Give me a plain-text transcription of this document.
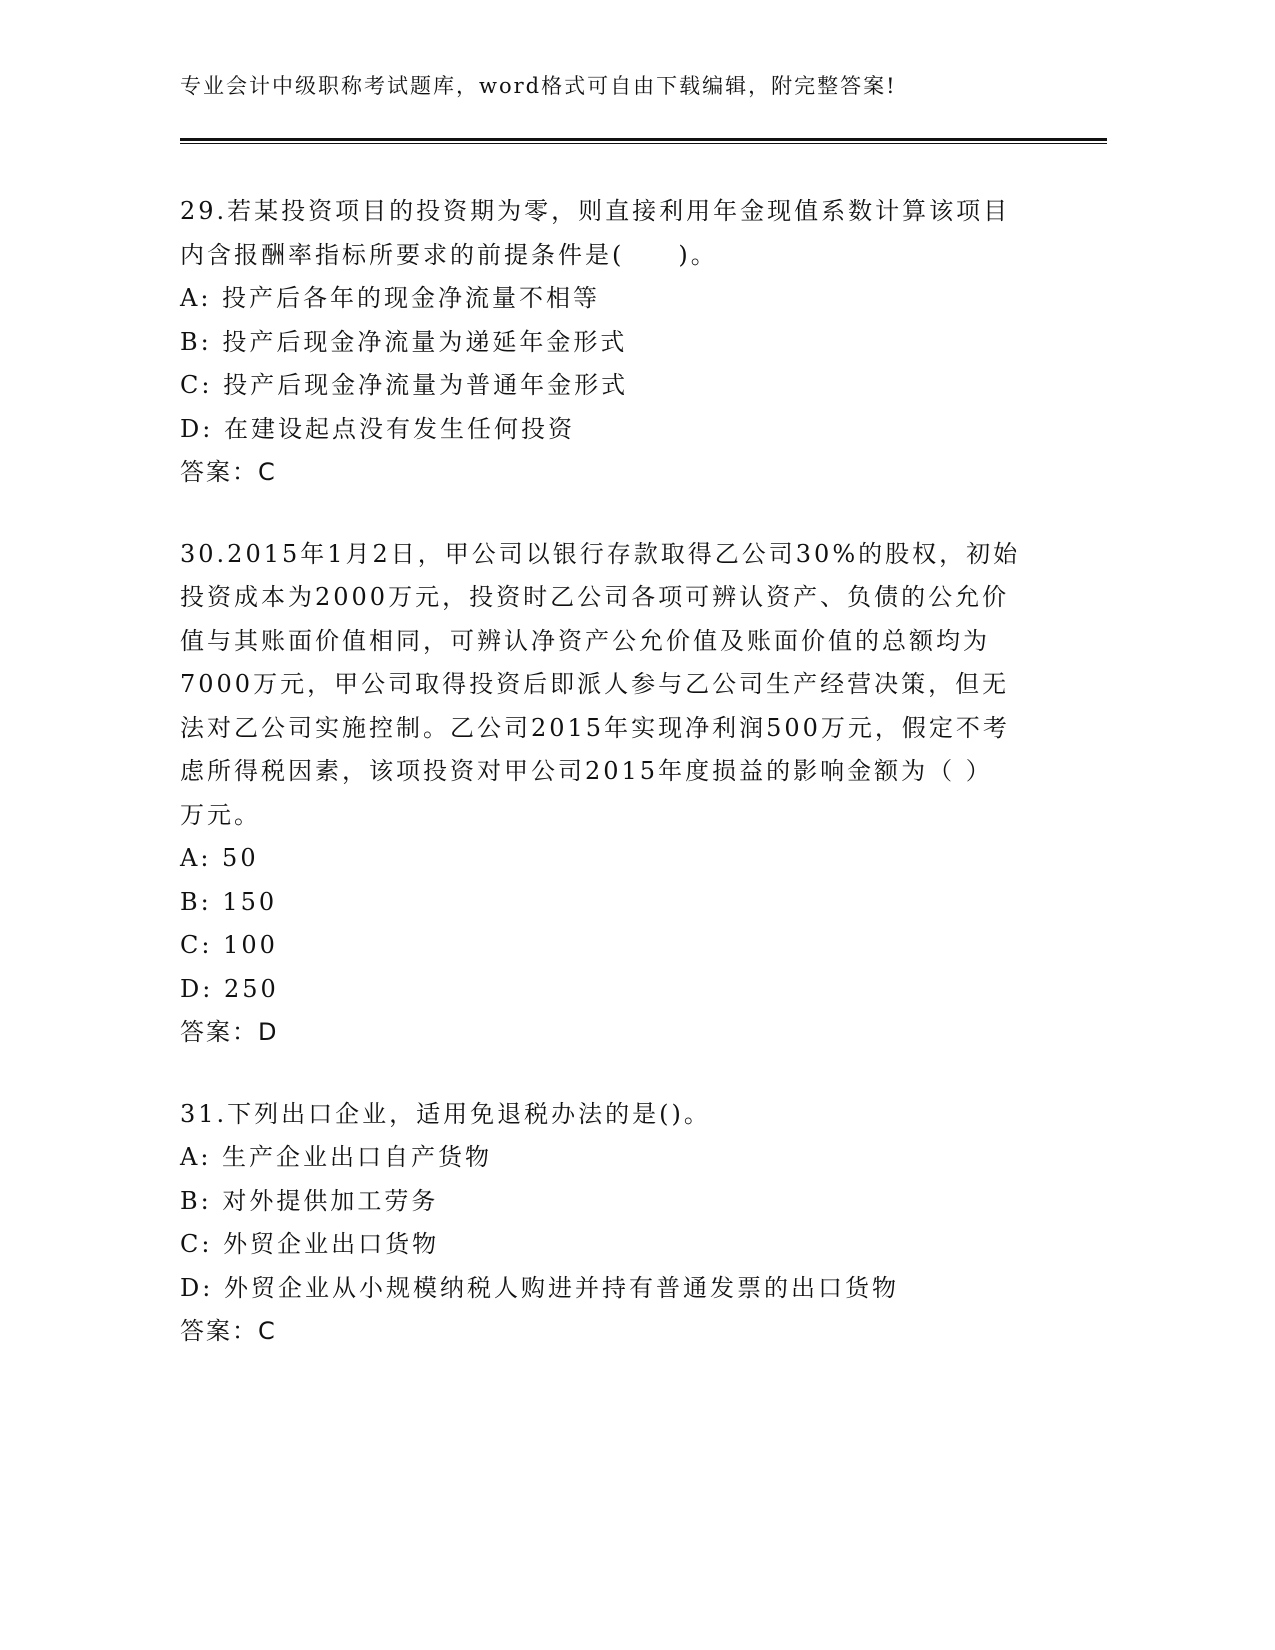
专业会计中级职称考试题库，word格式可自由下载编辑，附完整答案!
29.若某投资项目的投资期为零，则直接利用年金现值系数计算该项目
内含报酬率指标所要求的前提条件是(　　)。
A: 投产后各年的现金净流量不相等
B: 投产后现金净流量为递延年金形式
C: 投产后现金净流量为普通年金形式
D: 在建设起点没有发生任何投资
答案：C
30.2015年1月2日，甲公司以银行存款取得乙公司30%的股权，初始
投资成本为2000万元，投资时乙公司各项可辨认资产、负债的公允价
值与其账面价值相同，可辨认净资产公允价值及账面价值的总额均为
7000万元，甲公司取得投资后即派人参与乙公司生产经营决策，但无
法对乙公司实施控制。乙公司2015年实现净利润500万元，假定不考
虑所得税因素，该项投资对甲公司2015年度损益的影响金额为（ ）
万元。
A: 50
B: 150
C: 100
D: 250
答案：D
31.下列出口企业，适用免退税办法的是()。
A: 生产企业出口自产货物
B: 对外提供加工劳务
C: 外贸企业出口货物
D: 外贸企业从小规模纳税人购进并持有普通发票的出口货物
答案：C
